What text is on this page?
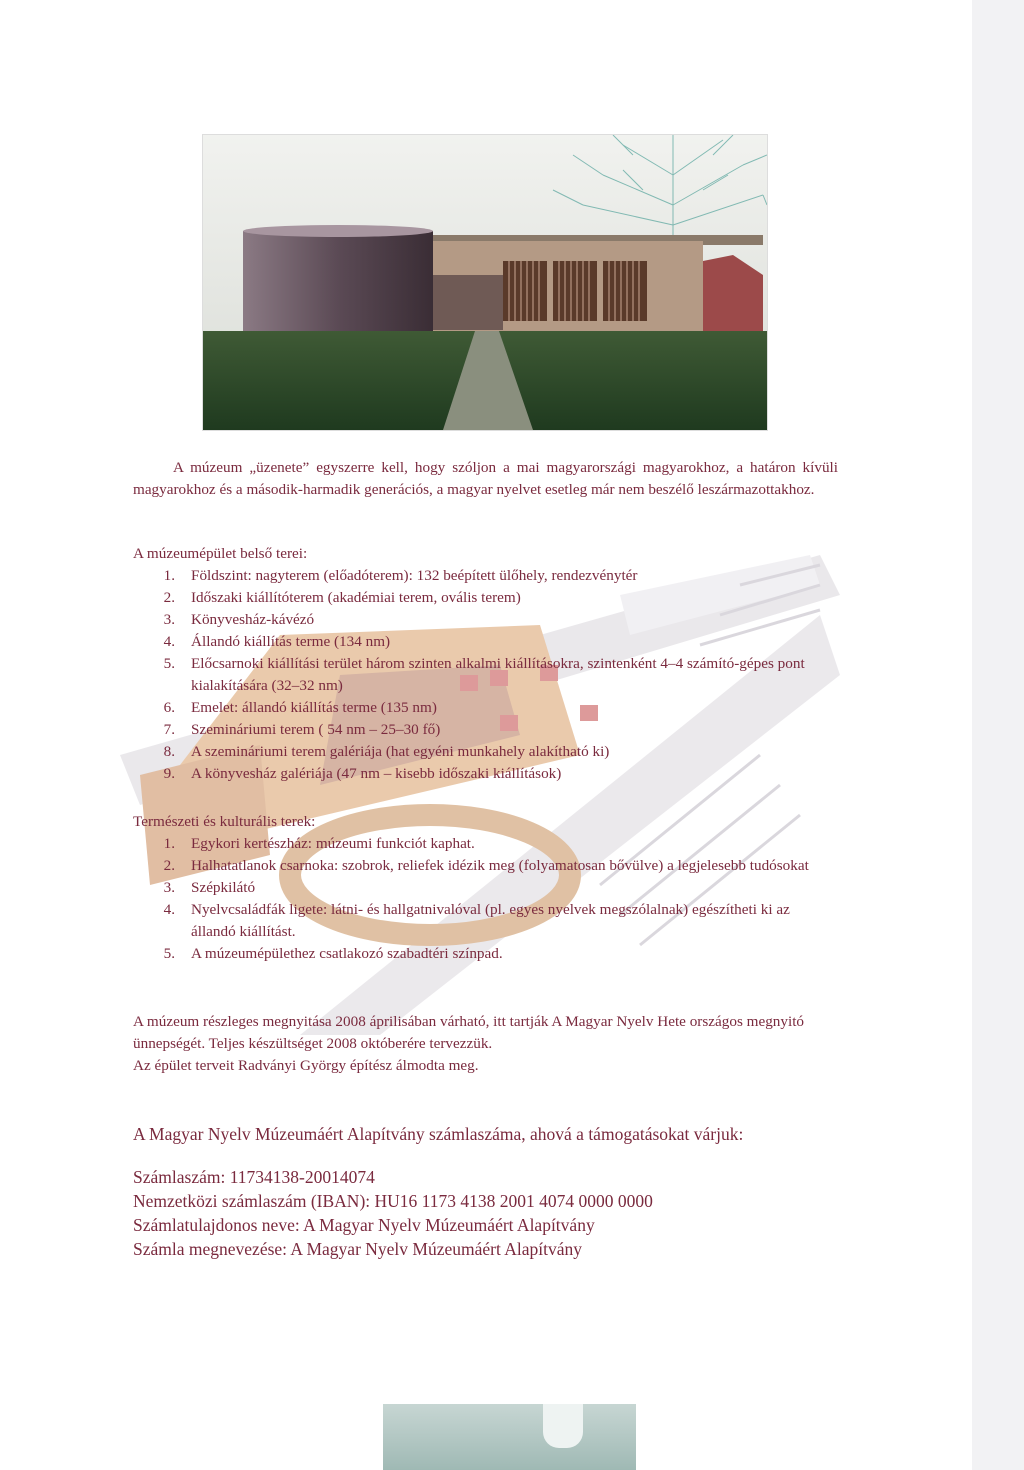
A múzeum „üzenete” egyszerre kell, hogy szóljon a mai magyarországi magyarokhoz, a határon kívüli magyarokhoz és a második-harmadik generációs, a magyar nyelvet esetleg már nem beszélő leszármazottakhoz.

A múzeumépület belső terei:

1. Földszint: nagyterem (előadóterem): 132 beépített ülőhely, rendezvénytér
2. Időszaki kiállítóterem (akadémiai terem, ovális terem)
3. Könyvesház-kávézó
4. Állandó kiállítás terme (134 nm)
5. Előcsarnoki kiállítási terület három szinten alkalmi kiállításokra, szintenként 4–4 számító-gépes pont kialakítására (32–32 nm)
6. Emelet: állandó kiállítás terme (135 nm)
7. Szemináriumi terem ( 54 nm – 25–30 fő)
8. A szemináriumi terem galériája (hat egyéni munkahely alakítható ki)
9. A könyvesház galériája (47 nm – kisebb időszaki kiállítások)

Természeti és kulturális terek:

1. Egykori kertészház: múzeumi funkciót kaphat.
2. Halhatatlanok csarnoka: szobrok, reliefek idézik meg (folyamatosan bővülve) a legjelesebb tudósokat
3. Szépkilátó
4. Nyelvcsaládfák ligete: látni- és hallgatnivalóval (pl. egyes nyelvek megszólalnak) egészítheti ki az állandó kiállítást.
5. A múzeumépülethez csatlakozó szabadtéri színpad.

A múzeum részleges megnyitása 2008 áprilisában várható, itt tartják A Magyar Nyelv Hete országos megnyitó ünnepségét. Teljes készültséget 2008 októberére tervezzük.

Az épület terveit Radványi György építész álmodta meg.

A Magyar Nyelv Múzeumáért Alapítvány számlaszáma, ahová a támogatásokat várjuk:
Számlaszám: 11734138-20014074
Nemzetközi számlaszám (IBAN): HU16 1173 4138 2001 4074 0000 0000
Számlatulajdonos neve: A Magyar Nyelv Múzeumáért Alapítvány
Számla megnevezése: A Magyar Nyelv Múzeumáért Alapítvány
